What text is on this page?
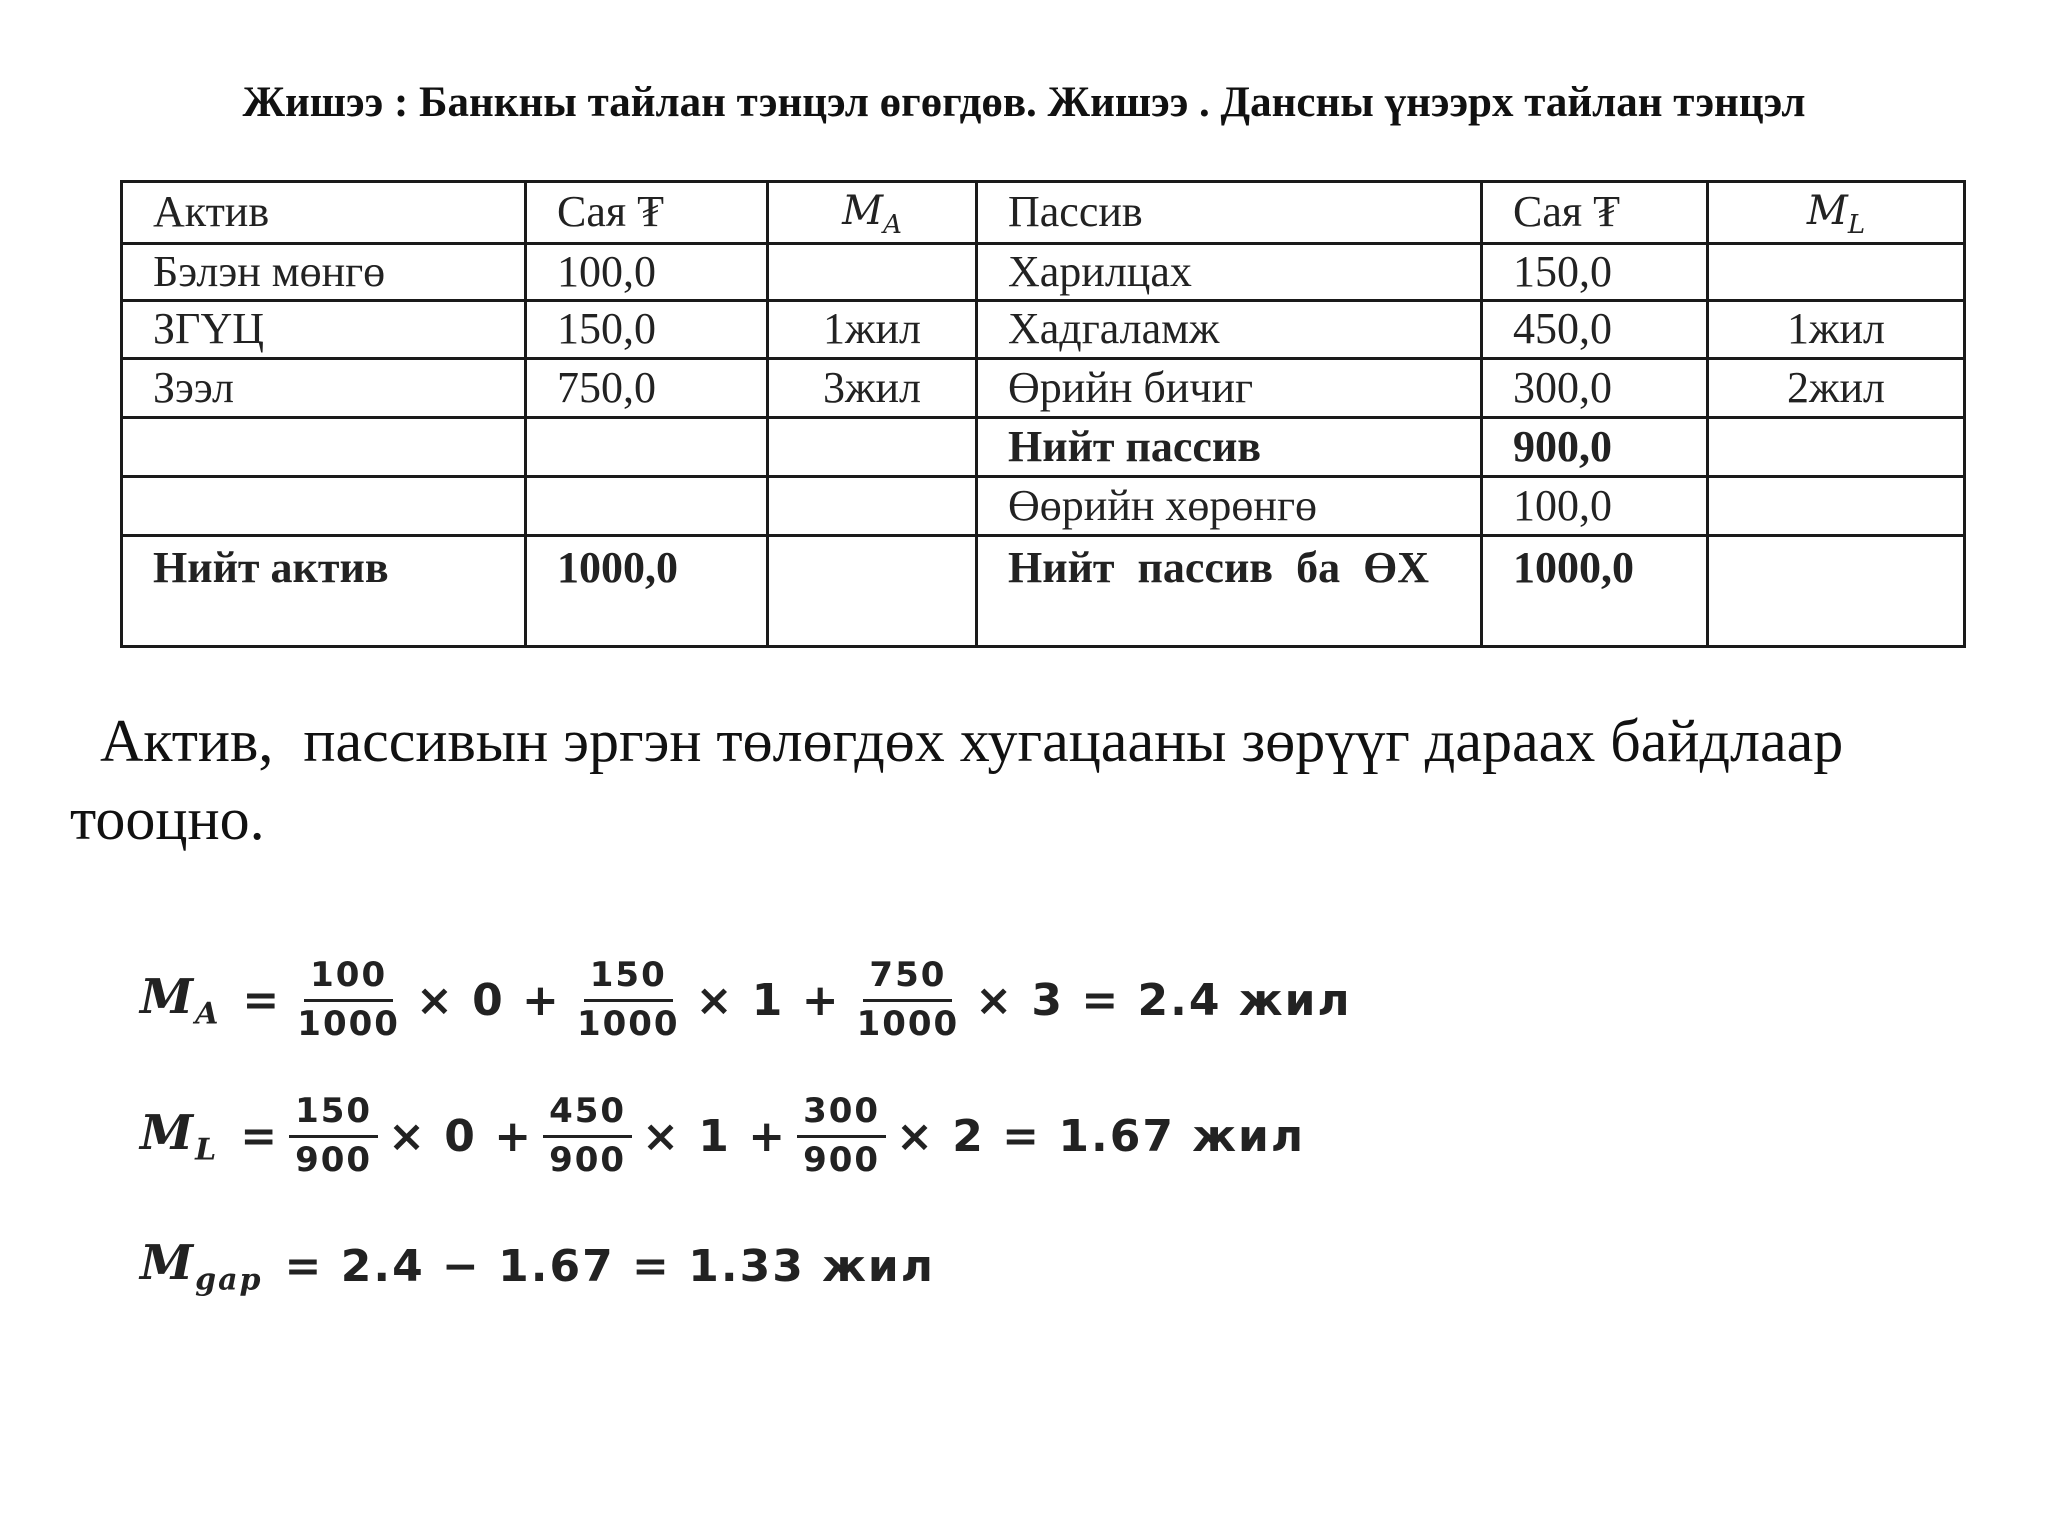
Жишээ : Банкны тайлан тэнцэл өгөгдөв. Жишээ . Дансны үнээрх тайлан тэнцэл
Актив	Сая ₮	$M_A$	Пассив	Сая ₮	$M_L$
Бэлэн мөнгө	100,0		Харилцах	150,0	
ЗГҮЦ	150,0	1жил	Хадгаламж	450,0	1жил
Зээл	750,0	3жил	Өрийн бичиг	300,0	2жил
			Нийт пассив	900,0	
			Өөрийн хөрөнгө	100,0	
Нийт актив	1000,0		Нийт пассив ба ӨХ	1000,0	
Актив,  пассивын эргэн төлөгдөх хугацааны зөрүүг дараах байдлаар тооцно.
$M_A = \frac{100}{1000} \times 0 + \frac{150}{1000} \times 1 + \frac{750}{1000} \times 3 = 2.4$ жил
$M_L = \frac{150}{900} \times 0 + \frac{450}{900} \times 1 + \frac{300}{900} \times 2 = 1.67$ жил
$M_{gap} = 2.4 - 1.67 = 1.33$ жил
